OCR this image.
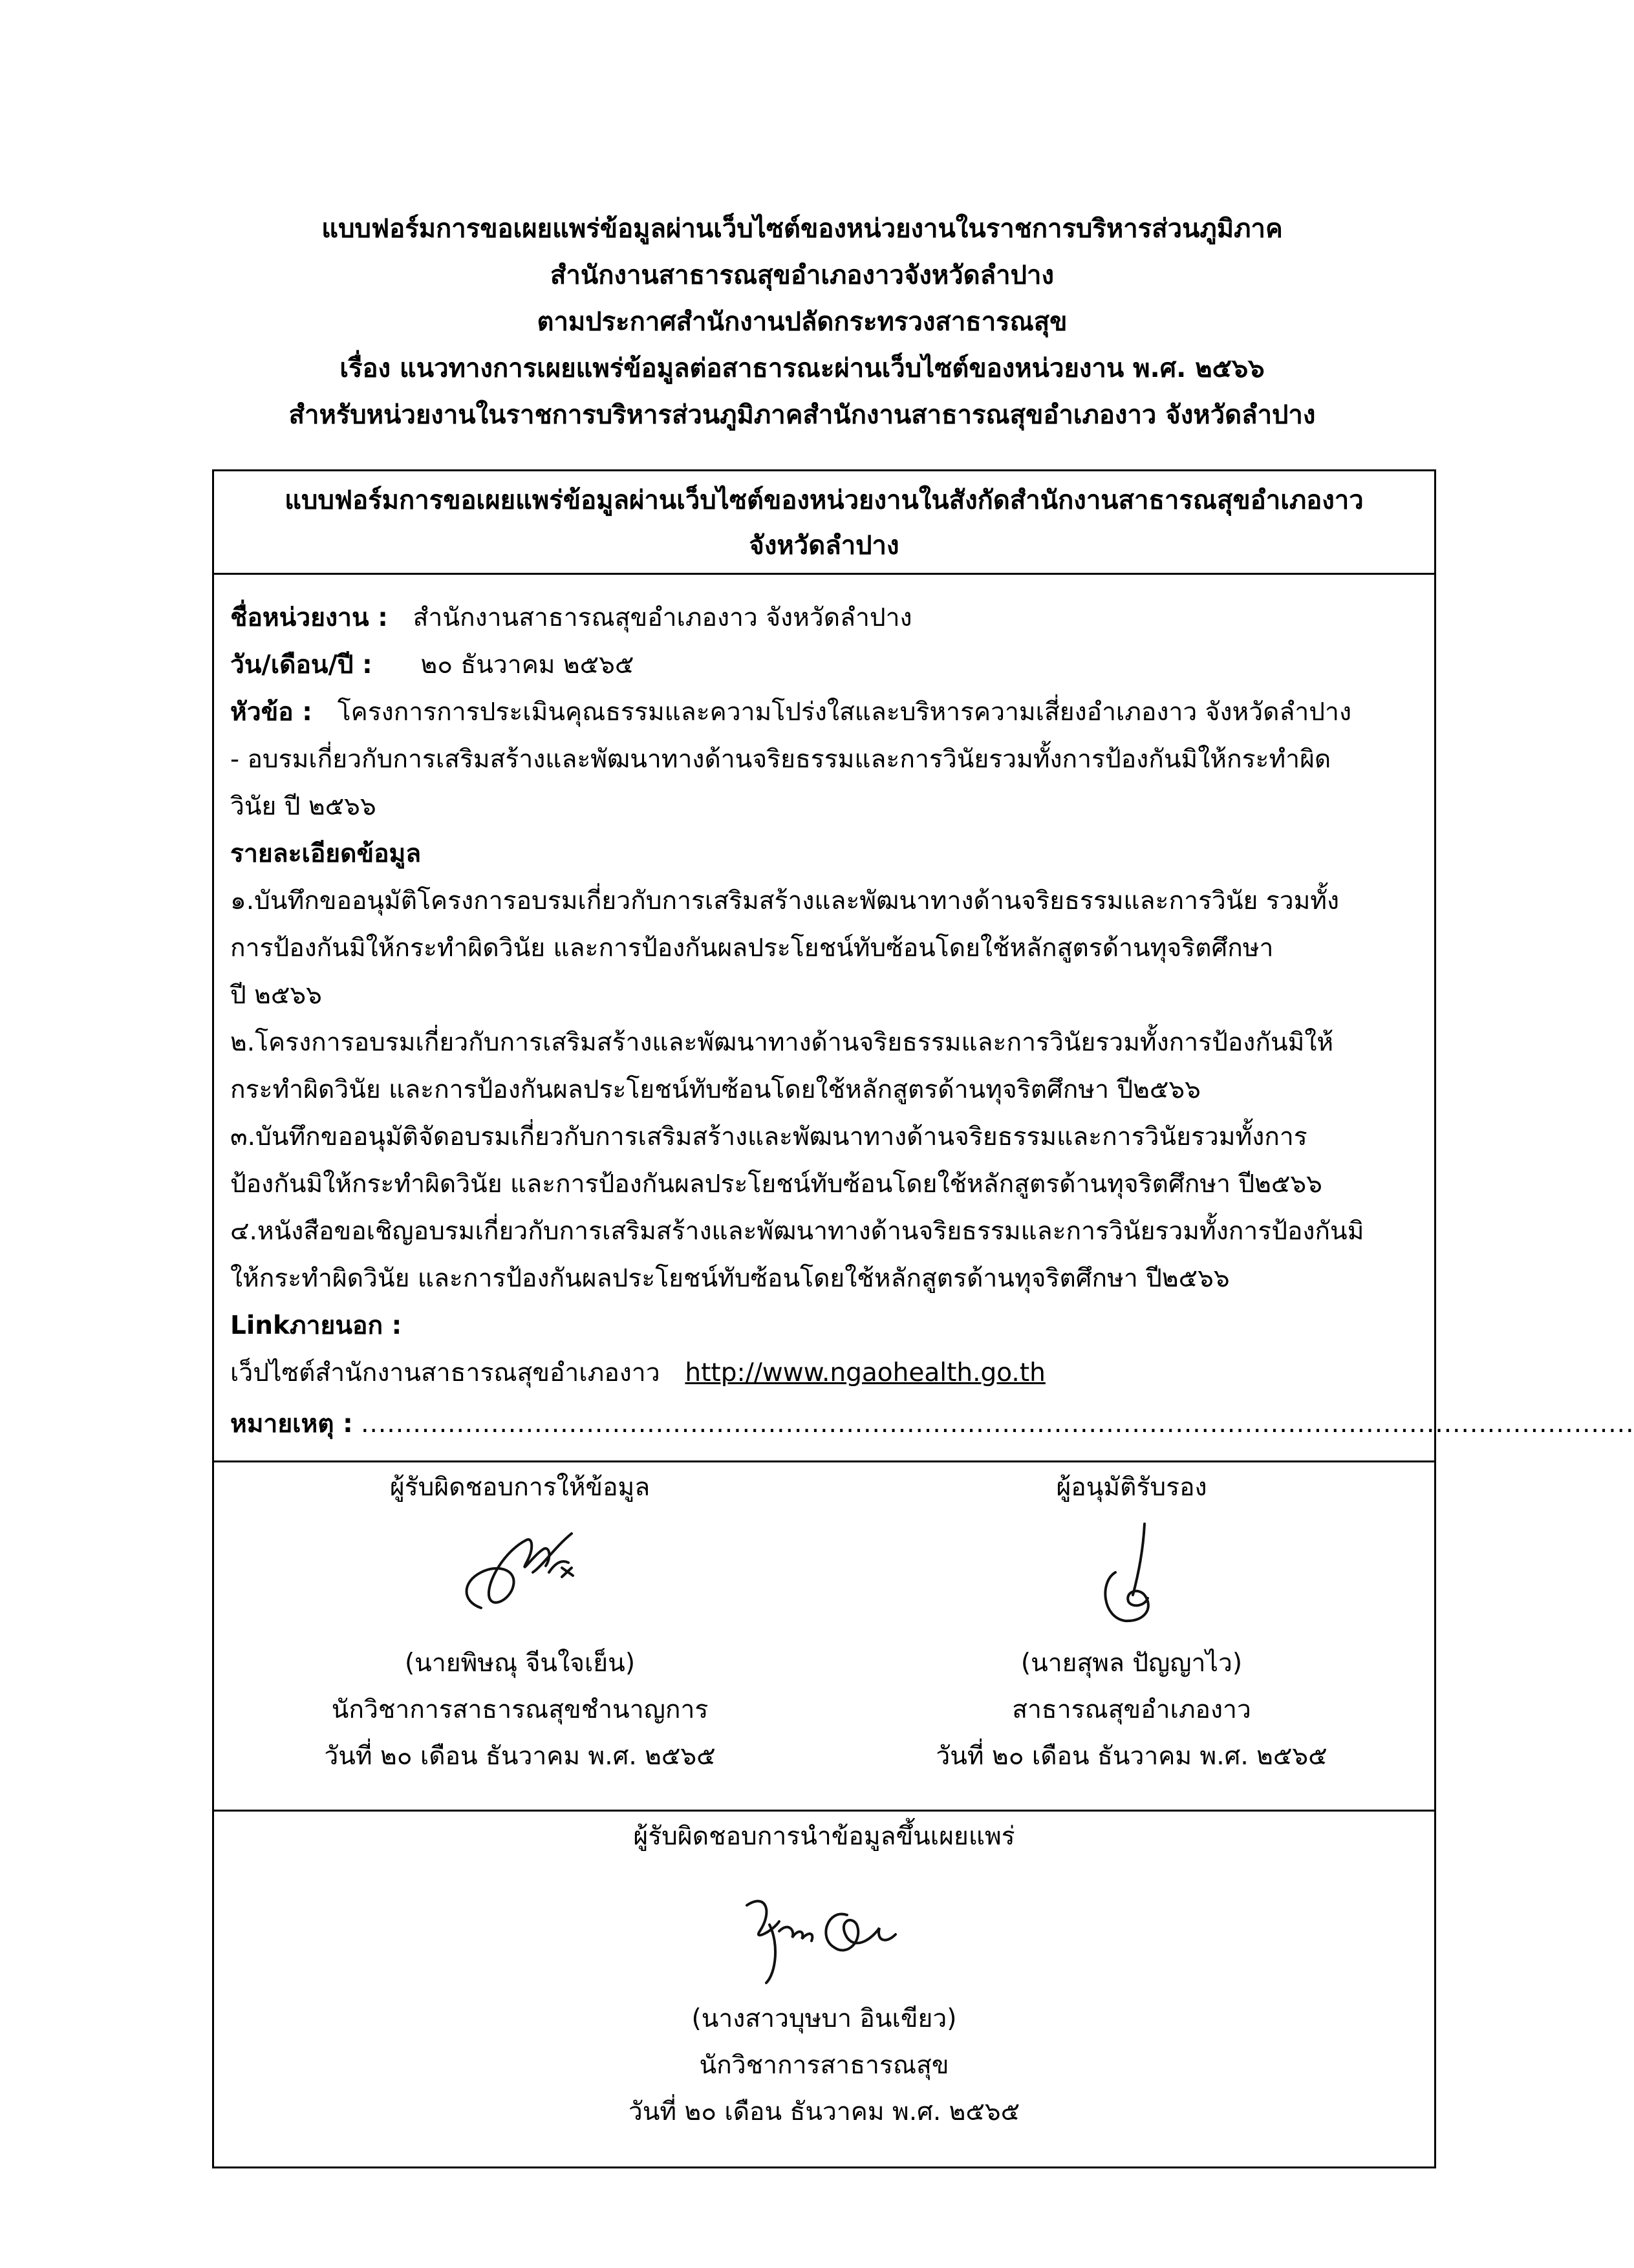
แบบฟอร์มการขอเผยแพร่ข้อมูลผ่านเว็บไซต์ของหน่วยงานในราชการบริหารส่วนภูมิภาค
สำนักงานสาธารณสุขอำเภองาวจังหวัดลำปาง
ตามประกาศสำนักงานปลัดกระทรวงสาธารณสุข
เรื่อง แนวทางการเผยแพร่ข้อมูลต่อสาธารณะผ่านเว็บไซต์ของหน่วยงาน พ.ศ. ๒๕๖๖
สำหรับหน่วยงานในราชการบริหารส่วนภูมิภาคสำนักงานสาธารณสุขอำเภองาว จังหวัดลำปาง
แบบฟอร์มการขอเผยแพร่ข้อมูลผ่านเว็บไซต์ของหน่วยงานในสังกัดสำนักงานสาธารณสุขอำเภองาว
จังหวัดลำปาง
ชื่อหน่วยงาน : สำนักงานสาธารณสุขอำเภองาว จังหวัดลำปาง
วัน/เดือน/ปี : ๒๐ ธันวาคม ๒๕๖๕
หัวข้อ : โครงการการประเมินคุณธรรมและความโปร่งใสและบริหารความเสี่ยงอำเภองาว จังหวัดลำปาง
- อบรมเกี่ยวกับการเสริมสร้างและพัฒนาทางด้านจริยธรรมและการวินัยรวมทั้งการป้องกันมิให้กระทำผิด
วินัย ปี ๒๕๖๖
รายละเอียดข้อมูล
๑.บันทึกขออนุมัติโครงการอบรมเกี่ยวกับการเสริมสร้างและพัฒนาทางด้านจริยธรรมและการวินัย รวมทั้ง
การป้องกันมิให้กระทำผิดวินัย และการป้องกันผลประโยชน์ทับซ้อนโดยใช้หลักสูตรด้านทุจริตศึกษา
ปี ๒๕๖๖
๒.โครงการอบรมเกี่ยวกับการเสริมสร้างและพัฒนาทางด้านจริยธรรมและการวินัยรวมทั้งการป้องกันมิให้
กระทำผิดวินัย และการป้องกันผลประโยชน์ทับซ้อนโดยใช้หลักสูตรด้านทุจริตศึกษา ปี๒๕๖๖
๓.บันทึกขออนุมัติจัดอบรมเกี่ยวกับการเสริมสร้างและพัฒนาทางด้านจริยธรรมและการวินัยรวมทั้งการ
ป้องกันมิให้กระทำผิดวินัย และการป้องกันผลประโยชน์ทับซ้อนโดยใช้หลักสูตรด้านทุจริตศึกษา ปี๒๕๖๖
๔.หนังสือขอเชิญอบรมเกี่ยวกับการเสริมสร้างและพัฒนาทางด้านจริยธรรมและการวินัยรวมทั้งการป้องกันมิ
ให้กระทำผิดวินัย และการป้องกันผลประโยชน์ทับซ้อนโดยใช้หลักสูตรด้านทุจริตศึกษา ปี๒๕๖๖
Linkภายนอก :
เว็ปไซต์สำนักงานสาธารณสุขอำเภองาว http://www.ngaohealth.go.th
หมายเหตุ : ...................................................................................................................................................
ผู้รับผิดชอบการให้ข้อมูล
(นายพิษณุ จีนใจเย็น)
นักวิชาการสาธารณสุขชำนาญการ
วันที่ ๒๐ เดือน ธันวาคม พ.ศ. ๒๕๖๕
ผู้อนุมัติรับรอง
(นายสุพล ปัญญาไว)
สาธารณสุขอำเภองาว
วันที่ ๒๐ เดือน ธันวาคม พ.ศ. ๒๕๖๕
ผู้รับผิดชอบการนำข้อมูลขึ้นเผยแพร่
(นางสาวบุษบา อินเขียว)
นักวิชาการสาธารณสุข
วันที่ ๒๐ เดือน ธันวาคม พ.ศ. ๒๕๖๕
